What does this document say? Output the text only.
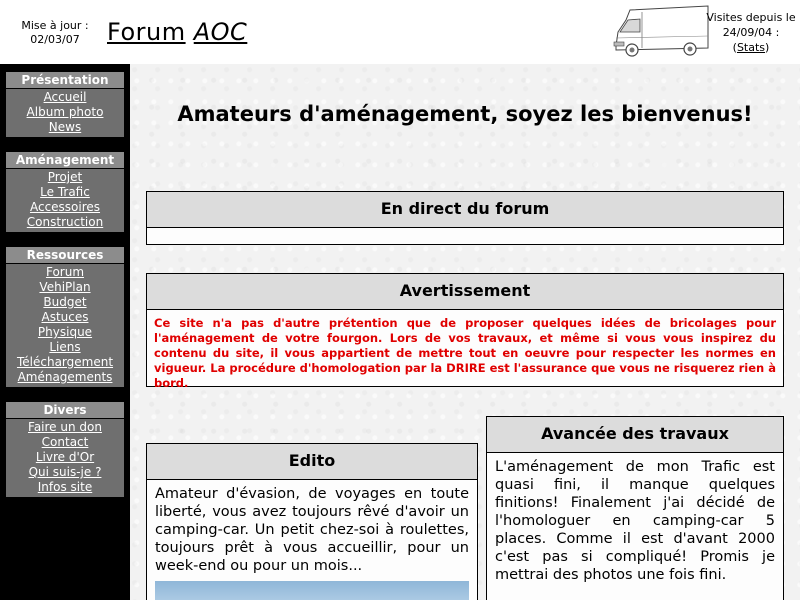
Mise à jour :
02/03/07	Forum AOC
Visites depuis le
24/09/04 :
(Stats)
Présentation
Accueil
Album photo
News
Aménagement
Projet
Le Trafic
Accessoires
Construction
Ressources
Forum
VehiPlan
Budget
Astuces
Physique
Liens
Téléchargement
Aménagements
Divers
Faire un don
Contact
Livre d'Or
Qui suis-je ?
Infos site
Amateurs d'aménagement, soyez les bienvenus!
En direct du forum
Avertissement
Ce site n'a pas d'autre prétention que de proposer quelques idées de bricolages pour l'aménagement de votre fourgon. Lors de vos travaux, et même si vous vous inspirez du contenu du site, il vous appartient de mettre tout en oeuvre pour respecter les normes en vigueur. La procédure d'homologation par la DRIRE est l'assurance que vous ne risquerez rien à bord.
Avancée des travaux
L'aménagement de mon Trafic est quasi fini, il manque quelques finitions! Finalement j'ai décidé de l'homologuer en camping-car 5 places. Comme il est d'avant 2000 c'est pas si compliqué! Promis je mettrai des photos une fois fini.
Edito
Amateur d'évasion, de voyages en toute liberté, vous avez toujours rêvé d'avoir un camping-car. Un petit chez-soi à roulettes, toujours prêt à vous accueillir, pour un week-end ou pour un mois...
